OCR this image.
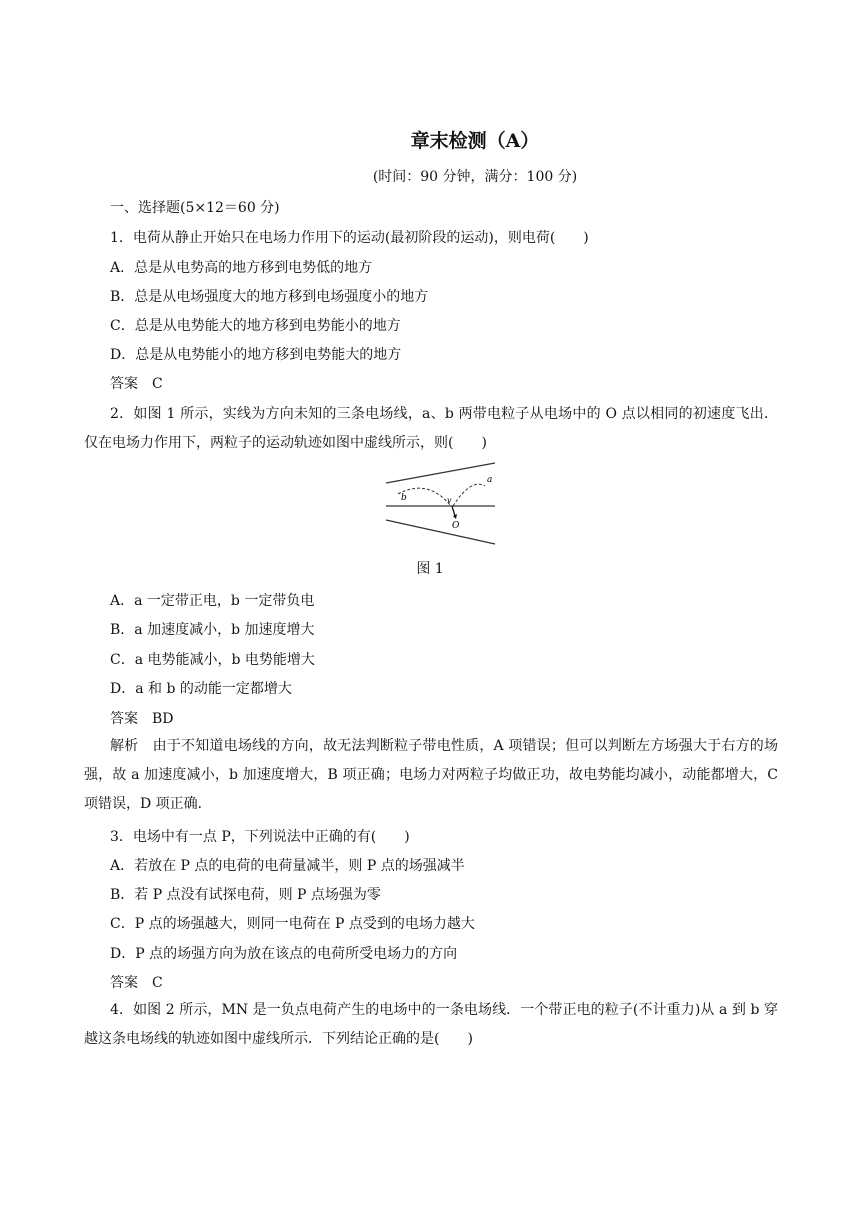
章末检测（A）
(时间：90 分钟，满分：100 分)
一、选择题(5×12＝60 分)
1．电荷从静止开始只在电场力作用下的运动(最初阶段的运动)，则电荷(　　)
A．总是从电势高的地方移到电势低的地方
B．总是从电场强度大的地方移到电场强度小的地方
C．总是从电势能大的地方移到电势能小的地方
D．总是从电势能小的地方移到电势能大的地方
答案　C
2．如图 1 所示，实线为方向未知的三条电场线，a、b 两带电粒子从电场中的 O 点以相同的初速度飞出．仅在电场力作用下，两粒子的运动轨迹如图中虚线所示，则(　　)
b
a
v
O
图 1
A．a 一定带正电，b 一定带负电
B．a 加速度减小，b 加速度增大
C．a 电势能减小，b 电势能增大
D．a 和 b 的动能一定都增大
答案　BD
解析　由于不知道电场线的方向，故无法判断粒子带电性质，A 项错误；但可以判断左方场强大于右方的场强，故 a 加速度减小，b 加速度增大，B 项正确；电场力对两粒子均做正功，故电势能均减小，动能都增大，C 项错误，D 项正确．
3．电场中有一点 P，下列说法中正确的有(　　)
A．若放在 P 点的电荷的电荷量减半，则 P 点的场强减半
B．若 P 点没有试探电荷，则 P 点场强为零
C．P 点的场强越大，则同一电荷在 P 点受到的电场力越大
D．P 点的场强方向为放在该点的电荷所受电场力的方向
答案　C
4．如图 2 所示，MN 是一负点电荷产生的电场中的一条电场线．一个带正电的粒子(不计重力)从 a 到 b 穿越这条电场线的轨迹如图中虚线所示．下列结论正确的是(　　)
